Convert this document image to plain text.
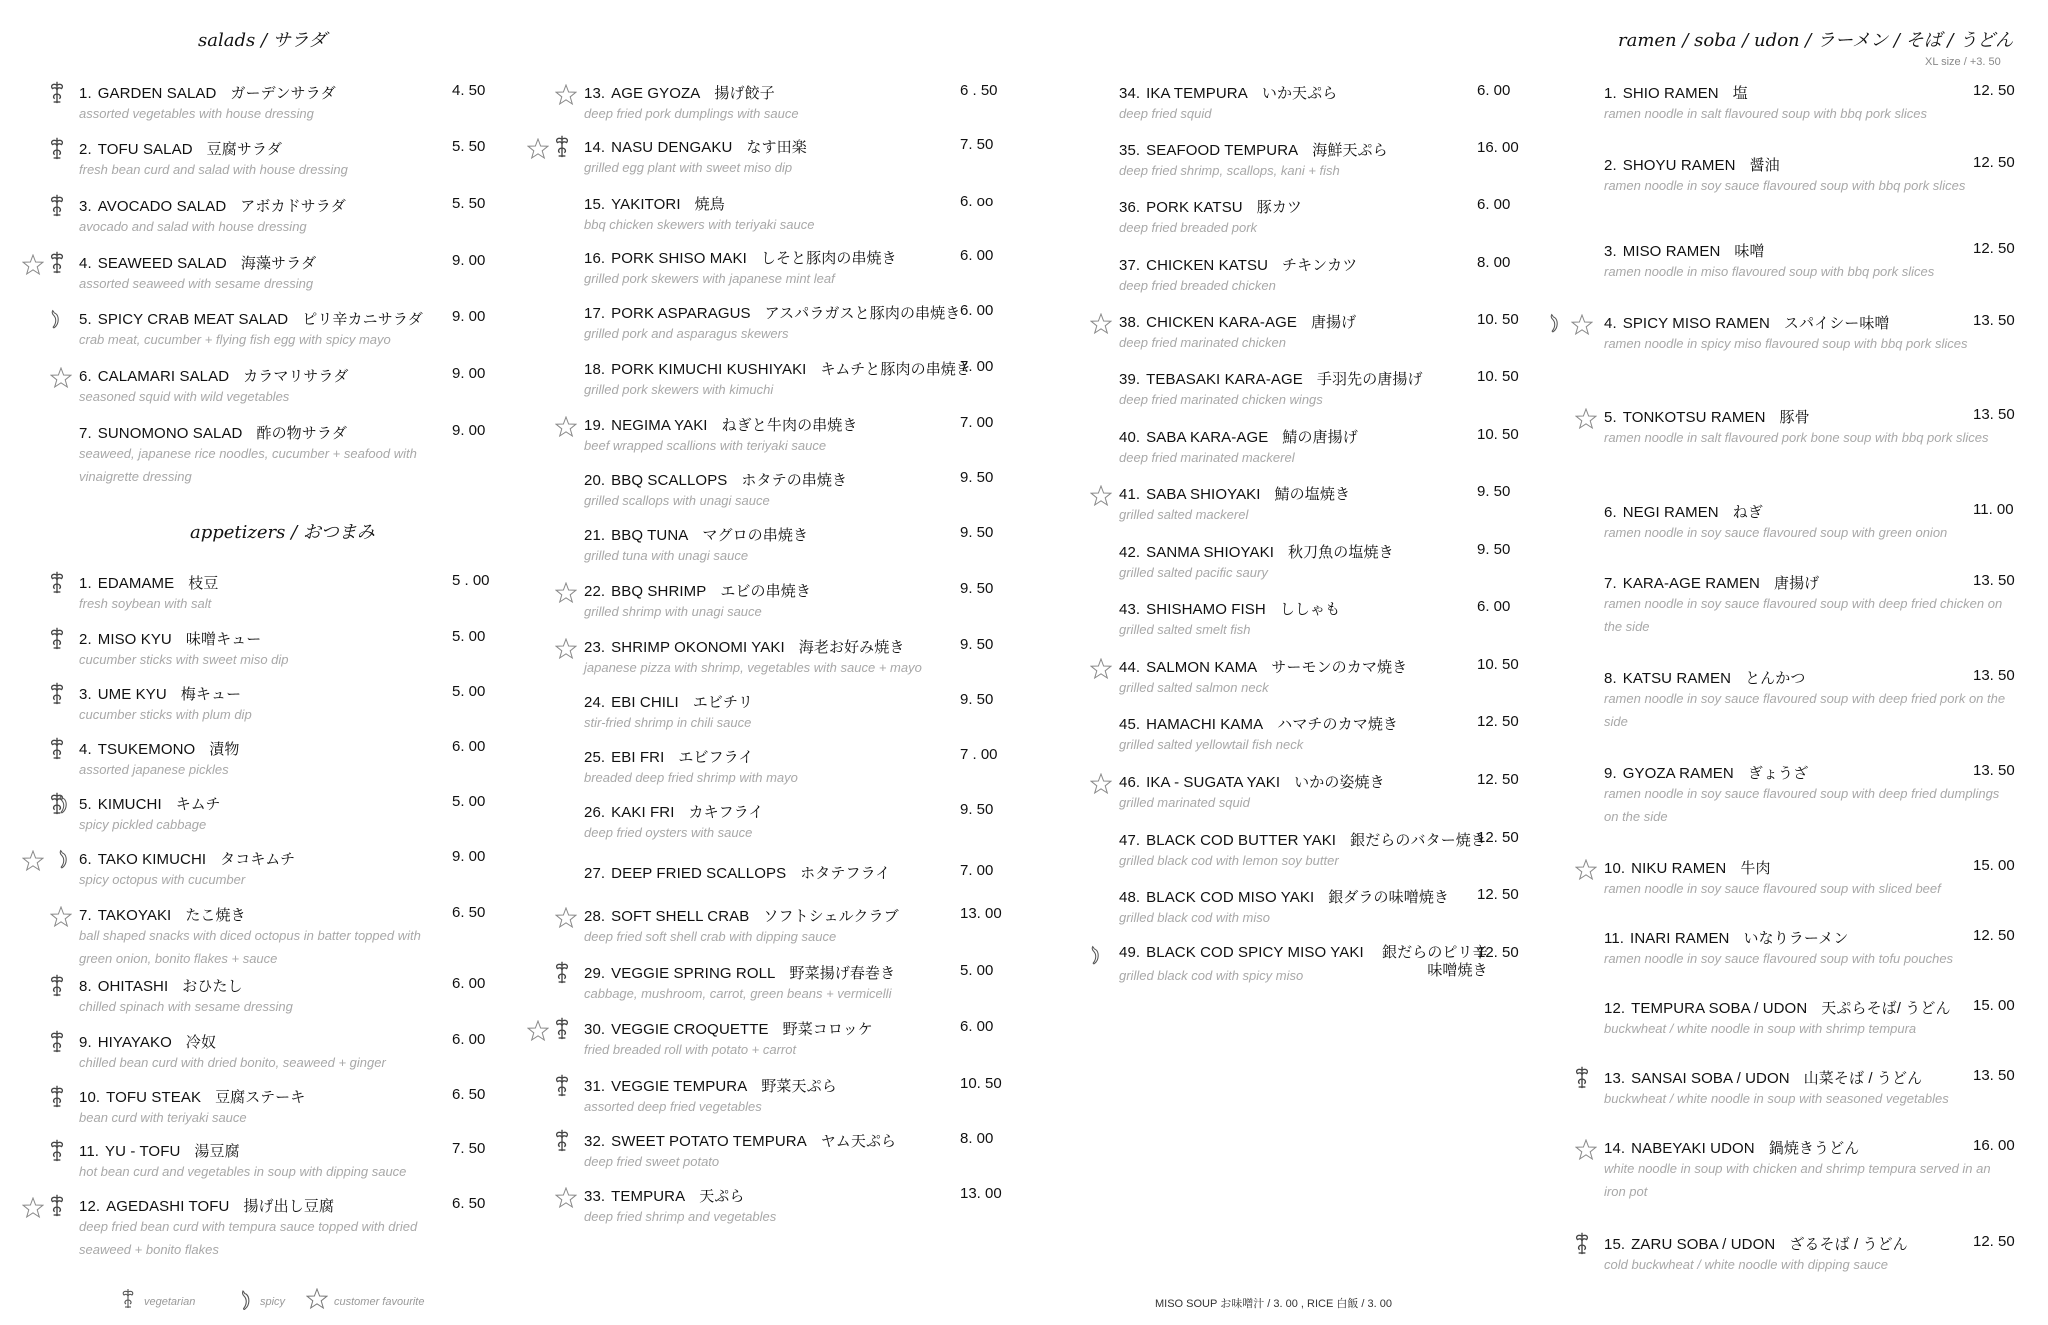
salads / サラダ
appetizers / おつまみ
ramen / soba / udon / ラーメン / そば / うどん
XL size / +3. 50
1. GARDEN SALAD ガーデンサラダ
assorted vegetables with house dressing
4. 50
2. TOFU SALAD 豆腐サラダ
fresh bean curd and salad with house dressing
5. 50
3. AVOCADO SALAD アボカドサラダ
avocado and salad with house dressing
5. 50
4. SEAWEED SALAD 海藻サラダ
assorted seaweed with sesame dressing
9. 00
5. SPICY CRAB MEAT SALAD ピリ辛カニサラダ
crab meat, cucumber + flying fish egg with spicy mayo
9. 00
6. CALAMARI SALAD カラマリサラダ
seasoned squid with wild vegetables
9. 00
7. SUNOMONO SALAD 酢の物サラダ
seaweed, japanese rice noodles, cucumber + seafood with vinaigrette dressing
9. 00
1. EDAMAME 枝豆
fresh soybean with salt
5 . 00
2. MISO KYU 味噌キュー
cucumber sticks with sweet miso dip
5. 00
3. UME KYU 梅キュー
cucumber sticks with plum dip
5. 00
4. TSUKEMONO 漬物
assorted japanese pickles
6. 00
5. KIMUCHI キムチ
spicy pickled cabbage
5. 00
6. TAKO KIMUCHI タコキムチ
spicy octopus with cucumber
9. 00
7. TAKOYAKI たこ焼き
ball shaped snacks with diced octopus in batter topped with green onion, bonito flakes + sauce
6. 50
8. OHITASHI おひたし
chilled spinach with sesame dressing
6. 00
9. HIYAYAKO 冷奴
chilled bean curd with dried bonito, seaweed + ginger
6. 00
10. TOFU STEAK 豆腐ステーキ
bean curd with teriyaki sauce
6. 50
11. YU - TOFU 湯豆腐
hot bean curd and vegetables in soup with dipping sauce
7. 50
12. AGEDASHI TOFU 揚げ出し豆腐
deep fried bean curd with tempura sauce topped with dried seaweed + bonito flakes
6. 50
13. AGE GYOZA 揚げ餃子
deep fried pork dumplings with sauce
6 . 50
14. NASU DENGAKU なす田楽
grilled egg plant with sweet miso dip
7. 50
15. YAKITORI 焼鳥
bbq chicken skewers with teriyaki sauce
6. oo
16. PORK SHISO MAKI しそと豚肉の串焼き
grilled pork skewers with japanese mint leaf
6. 00
17. PORK ASPARAGUS アスパラガスと豚肉の串焼き
grilled pork and asparagus skewers
6. 00
18. PORK KIMUCHI KUSHIYAKI キムチと豚肉の串焼き
grilled pork skewers with kimuchi
7. 00
19. NEGIMA YAKI ねぎと牛肉の串焼き
beef wrapped scallions with teriyaki sauce
7. 00
20. BBQ SCALLOPS ホタテの串焼き
grilled scallops with unagi sauce
9. 50
21. BBQ TUNA マグロの串焼き
grilled tuna with unagi sauce
9. 50
22. BBQ SHRIMP エビの串焼き
grilled shrimp with unagi sauce
9. 50
23. SHRIMP OKONOMI YAKI 海老お好み焼き
japanese pizza with shrimp, vegetables with sauce + mayo
9. 50
24. EBI CHILI エビチリ
stir-fried shrimp in chili sauce
9. 50
25. EBI FRI エビフライ
breaded deep fried shrimp with mayo
7 . 00
26. KAKI FRI カキフライ
deep fried oysters with sauce
9. 50
27. DEEP FRIED SCALLOPS ホタテフライ	7. 00
28. SOFT SHELL CRAB ソフトシェルクラブ
deep fried soft shell crab with dipping sauce
13. 00
29. VEGGIE SPRING ROLL 野菜揚げ春巻き
cabbage, mushroom, carrot, green beans + vermicelli
5. 00
30. VEGGIE CROQUETTE 野菜コロッケ
fried breaded roll with potato + carrot
6. 00
31. VEGGIE TEMPURA 野菜天ぷら
assorted deep fried vegetables
10. 50
32. SWEET POTATO TEMPURA ヤム天ぷら
deep fried sweet potato
8. 00
33. TEMPURA 天ぷら
deep fried shrimp and vegetables
13. 00
34. IKA TEMPURA いか天ぷら
deep fried squid
6. 00
35. SEAFOOD TEMPURA 海鮮天ぷら
deep fried shrimp, scallops, kani + fish
16. 00
36. PORK KATSU 豚カツ
deep fried breaded pork
6. 00
37. CHICKEN KATSU チキンカツ
deep fried breaded chicken
8. 00
38. CHICKEN KARA-AGE 唐揚げ
deep fried marinated chicken
10. 50
39. TEBASAKI KARA-AGE 手羽先の唐揚げ
deep fried marinated chicken wings
10. 50
40. SABA KARA-AGE 鯖の唐揚げ
deep fried marinated mackerel
10. 50
41. SABA SHIOYAKI 鯖の塩焼き
grilled salted mackerel
9. 50
42. SANMA SHIOYAKI 秋刀魚の塩焼き
grilled salted pacific saury
9. 50
43. SHISHAMO FISH ししゃも
grilled salted smelt fish
6. 00
44. SALMON KAMA サーモンのカマ焼き
grilled salted salmon neck
10. 50
45. HAMACHI KAMA ハマチのカマ焼き
grilled salted yellowtail fish neck
12. 50
46. IKA - SUGATA YAKI いかの姿焼き
grilled marinated squid
12. 50
47. BLACK COD BUTTER YAKI 銀だらのバター焼き
grilled black cod with lemon soy butter
12. 50
48. BLACK COD MISO YAKI 銀ダラの味噌焼き
grilled black cod with miso
12. 50
49. BLACK COD SPICY MISO YAKI 銀だらのピリ辛 味噌焼き
grilled black cod with spicy miso
12. 50
1. SHIO RAMEN 塩
ramen noodle in salt flavoured soup with bbq pork slices
12. 50
2. SHOYU RAMEN 醤油
ramen noodle in soy sauce flavoured soup with bbq pork slices
12. 50
3. MISO RAMEN 味噌
ramen noodle in miso flavoured soup with bbq pork slices
12. 50
4. SPICY MISO RAMEN スパイシー味噌
ramen noodle in spicy miso flavoured soup with bbq pork slices
13. 50
5. TONKOTSU RAMEN 豚骨
ramen noodle in salt flavoured pork bone soup with bbq pork slices
13. 50
6. NEGI RAMEN ねぎ
ramen noodle in soy sauce flavoured soup with green onion
11. 00
7. KARA-AGE RAMEN 唐揚げ
ramen noodle in soy sauce flavoured soup with deep fried chicken on the side
13. 50
8. KATSU RAMEN とんかつ
ramen noodle in soy sauce flavoured soup with deep fried pork on the side
13. 50
9. GYOZA RAMEN ぎょうざ
ramen noodle in soy sauce flavoured soup with deep fried dumplings on the side
13. 50
10. NIKU RAMEN 牛肉
ramen noodle in soy sauce flavoured soup with sliced beef
15. 00
11. INARI RAMEN いなりラーメン
ramen noodle in soy sauce flavoured soup with tofu pouches
12. 50
12. TEMPURA SOBA / UDON 天ぷらそば/ うどん
buckwheat / white noodle in soup with shrimp tempura
15. 00
13. SANSAI SOBA / UDON 山菜そば / うどん
buckwheat / white noodle in soup with seasoned vegetables
13. 50
14. NABEYAKI UDON 鍋焼きうどん
white noodle in soup with chicken and shrimp tempura served in an iron pot
16. 00
15. ZARU SOBA / UDON ざるそば / うどん
cold buckwheat / white noodle with dipping sauce
12. 50
vegetarian	spicy	customer favourite	MISO SOUP お味噌汁 / 3. 00 , RICE 白飯 / 3. 00
